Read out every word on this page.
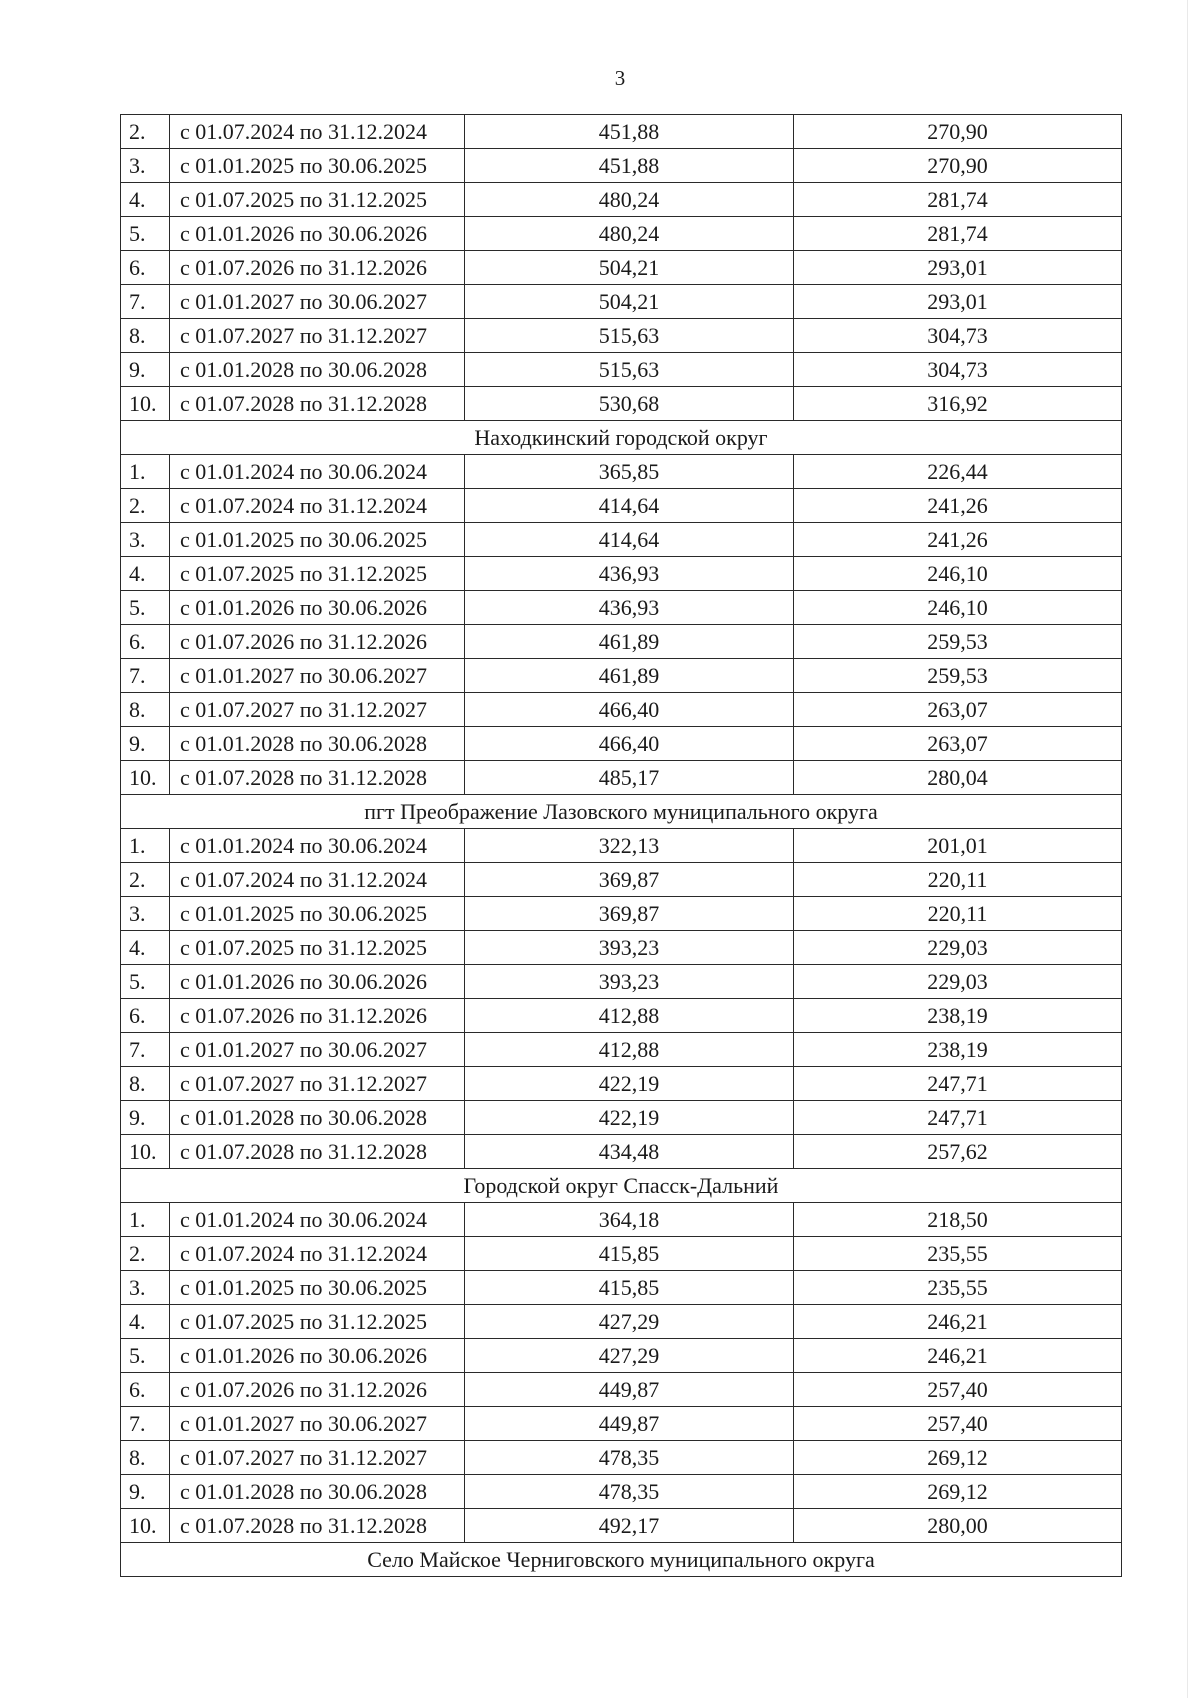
3
2.	с 01.07.2024 по 31.12.2024	451,88	270,90
3.	с 01.01.2025 по 30.06.2025	451,88	270,90
4.	с 01.07.2025 по 31.12.2025	480,24	281,74
5.	с 01.01.2026 по 30.06.2026	480,24	281,74
6.	с 01.07.2026 по 31.12.2026	504,21	293,01
7.	с 01.01.2027 по 30.06.2027	504,21	293,01
8.	с 01.07.2027 по 31.12.2027	515,63	304,73
9.	с 01.01.2028 по 30.06.2028	515,63	304,73
10.	с 01.07.2028 по 31.12.2028	530,68	316,92
Находкинский городской округ			
1.	с 01.01.2024 по 30.06.2024	365,85	226,44
2.	с 01.07.2024 по 31.12.2024	414,64	241,26
3.	с 01.01.2025 по 30.06.2025	414,64	241,26
4.	с 01.07.2025 по 31.12.2025	436,93	246,10
5.	с 01.01.2026 по 30.06.2026	436,93	246,10
6.	с 01.07.2026 по 31.12.2026	461,89	259,53
7.	с 01.01.2027 по 30.06.2027	461,89	259,53
8.	с 01.07.2027 по 31.12.2027	466,40	263,07
9.	с 01.01.2028 по 30.06.2028	466,40	263,07
10.	с 01.07.2028 по 31.12.2028	485,17	280,04
пгт Преображение Лазовского муниципального округа			
1.	с 01.01.2024 по 30.06.2024	322,13	201,01
2.	с 01.07.2024 по 31.12.2024	369,87	220,11
3.	с 01.01.2025 по 30.06.2025	369,87	220,11
4.	с 01.07.2025 по 31.12.2025	393,23	229,03
5.	с 01.01.2026 по 30.06.2026	393,23	229,03
6.	с 01.07.2026 по 31.12.2026	412,88	238,19
7.	с 01.01.2027 по 30.06.2027	412,88	238,19
8.	с 01.07.2027 по 31.12.2027	422,19	247,71
9.	с 01.01.2028 по 30.06.2028	422,19	247,71
10.	с 01.07.2028 по 31.12.2028	434,48	257,62
Городской округ Спасск-Дальний			
1.	с 01.01.2024 по 30.06.2024	364,18	218,50
2.	с 01.07.2024 по 31.12.2024	415,85	235,55
3.	с 01.01.2025 по 30.06.2025	415,85	235,55
4.	с 01.07.2025 по 31.12.2025	427,29	246,21
5.	с 01.01.2026 по 30.06.2026	427,29	246,21
6.	с 01.07.2026 по 31.12.2026	449,87	257,40
7.	с 01.01.2027 по 30.06.2027	449,87	257,40
8.	с 01.07.2027 по 31.12.2027	478,35	269,12
9.	с 01.01.2028 по 30.06.2028	478,35	269,12
10.	с 01.07.2028 по 31.12.2028	492,17	280,00
Село Майское Черниговского муниципального округа			
